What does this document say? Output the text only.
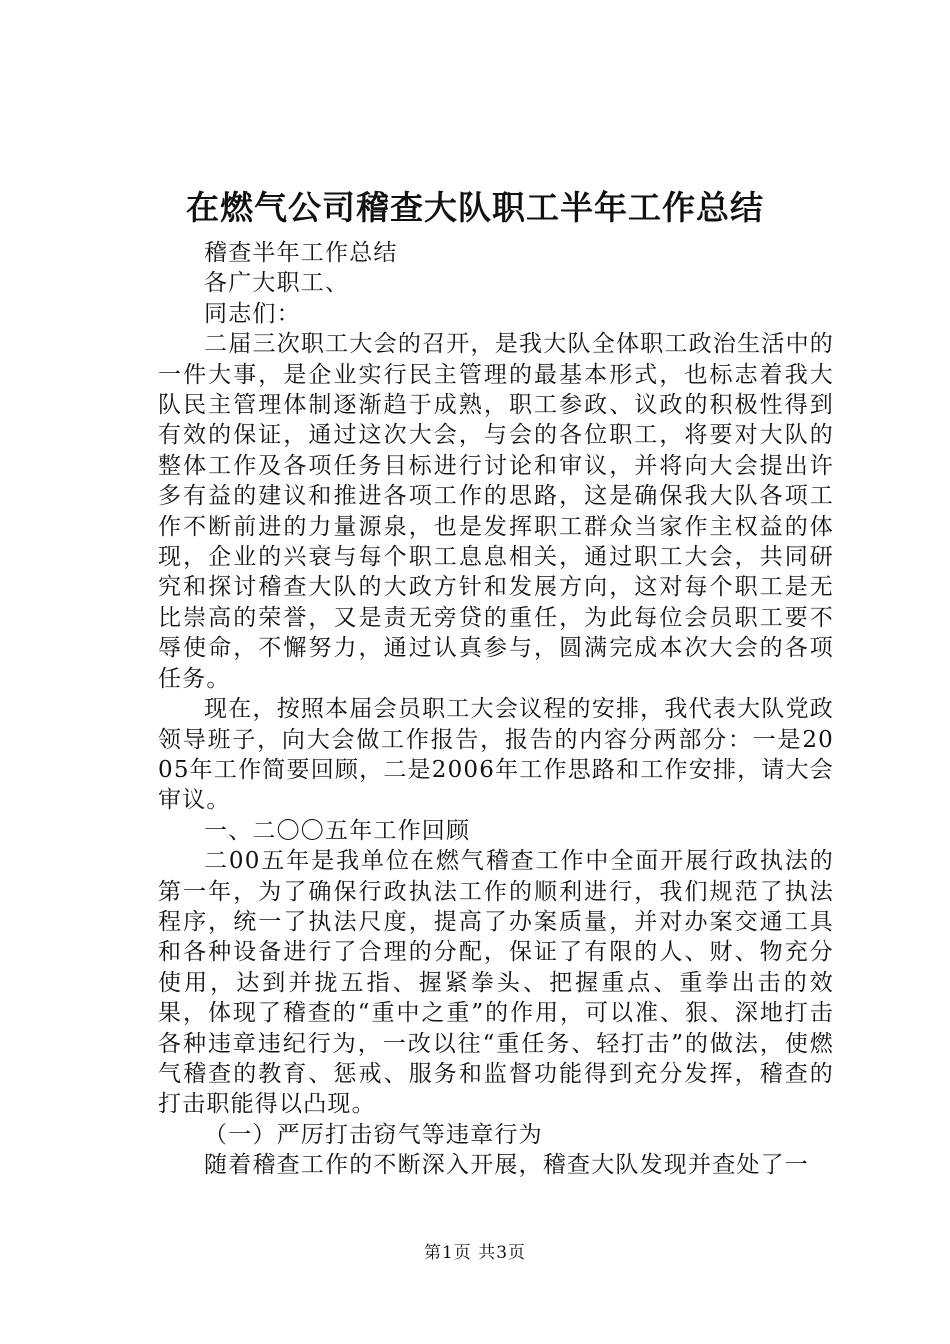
在燃气公司稽查大队职工半年工作总结

稽查半年工作总结

各广大职工、

同志们：

二届三次职工大会的召开，是我大队全体职工政治生活中的一件大事，是企业实行民主管理的最基本形式，也标志着我大队民主管理体制逐渐趋于成熟，职工参政、议政的积极性得到有效的保证，通过这次大会，与会的各位职工，将要对大队的整体工作及各项任务目标进行讨论和审议，并将向大会提出许多有益的建议和推进各项工作的思路，这是确保我大队各项工作不断前进的力量源泉，也是发挥职工群众当家作主权益的体现，企业的兴衰与每个职工息息相关，通过职工大会，共同研究和探讨稽查大队的大政方针和发展方向，这对每个职工是无比崇高的荣誉，又是责无旁贷的重任，为此每位会员职工要不辱使命，不懈努力，通过认真参与，圆满完成本次大会的各项任务。

现在，按照本届会员职工大会议程的安排，我代表大队党政领导班子，向大会做工作报告，报告的内容分两部分：一是2005年工作简要回顾，二是2006年工作思路和工作安排，请大会审议。

一、二〇〇五年工作回顾

二00五年是我单位在燃气稽查工作中全面开展行政执法的第一年，为了确保行政执法工作的顺利进行，我们规范了执法程序，统一了执法尺度，提高了办案质量，并对办案交通工具和各种设备进行了合理的分配，保证了有限的人、财、物充分使用，达到并拢五指、握紧拳头、把握重点、重拳出击的效果，体现了稽查的“重中之重”的作用，可以准、狠、深地打击各种违章违纪行为，一改以往“重任务、轻打击”的做法，使燃气稽查的教育、惩戒、服务和监督功能得到充分发挥，稽查的打击职能得以凸现。

（一）严厉打击窃气等违章行为

随着稽查工作的不断深入开展，稽查大队发现并查处了一

第1页 共3页
